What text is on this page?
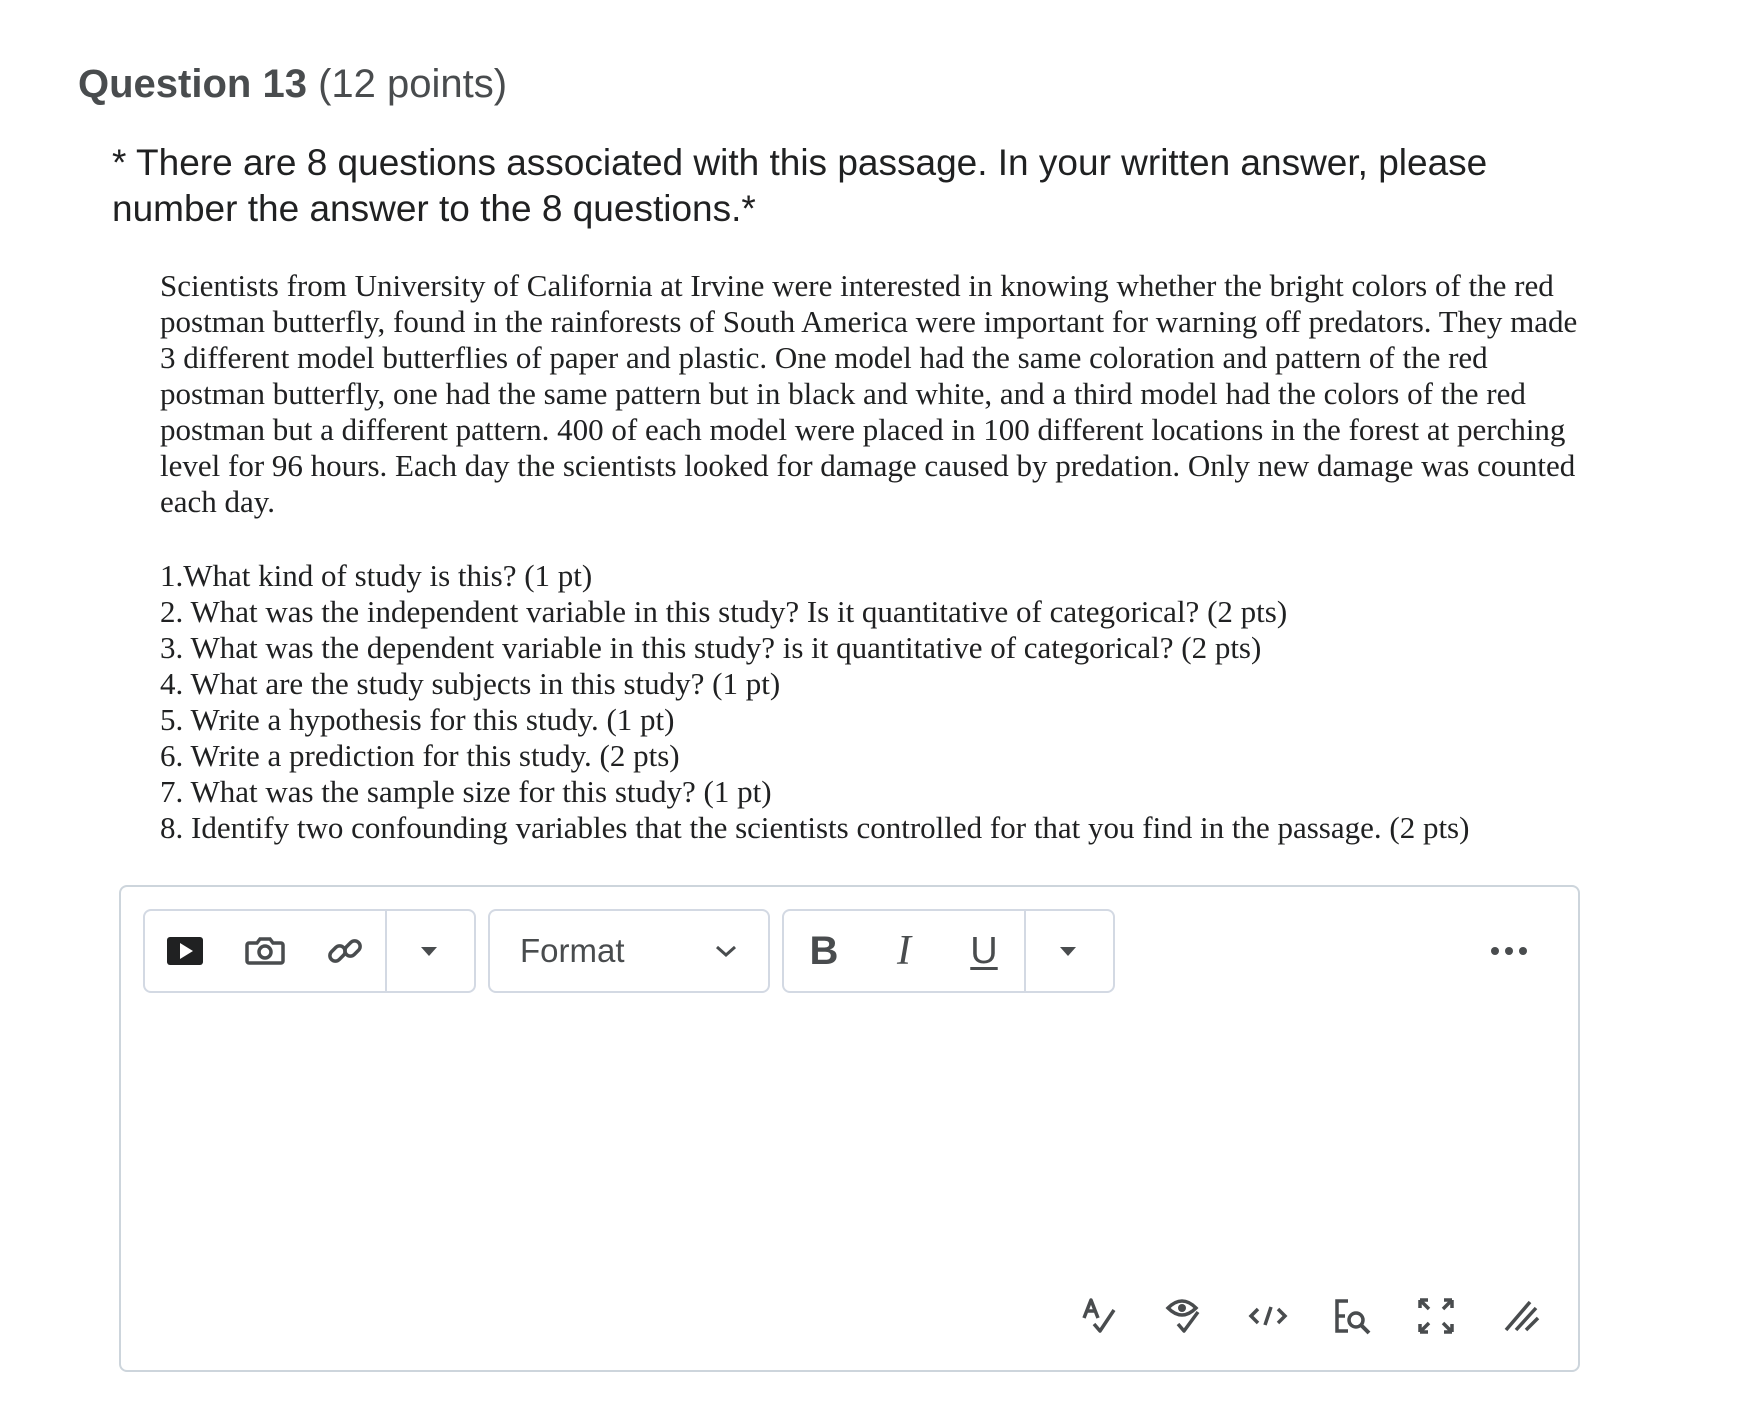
Question 13 (12 points)
* There are 8 questions associated with this passage. In your written answer, please number the answer to the 8 questions.*
Scientists from University of California at Irvine were interested in knowing whether the bright colors of the red postman butterfly, found in the rainforests of South America were important for warning off predators. They made 3 different model butterflies of paper and plastic. One model had the same coloration and pattern of the red postman butterfly, one had the same pattern but in black and white, and a third model had the colors of the red postman but a different pattern. 400 of each model were placed in 100 different locations in the forest at perching level for 96 hours. Each day the scientists looked for damage caused by predation. Only new damage was counted each day.
1.What kind of study is this? (1 pt)
2. What was the independent variable in this study? Is it quantitative of categorical? (2 pts)
3. What was the dependent variable in this study? is it quantitative of categorical? (2 pts)
4. What are the study subjects in this study? (1 pt)
5. Write a hypothesis for this study. (1 pt)
6. Write a prediction for this study. (2 pts)
7. What was the sample size for this study? (1 pt)
8. Identify two confounding variables that the scientists controlled for that you find in the passage. (2 pts)
Format	B I U
